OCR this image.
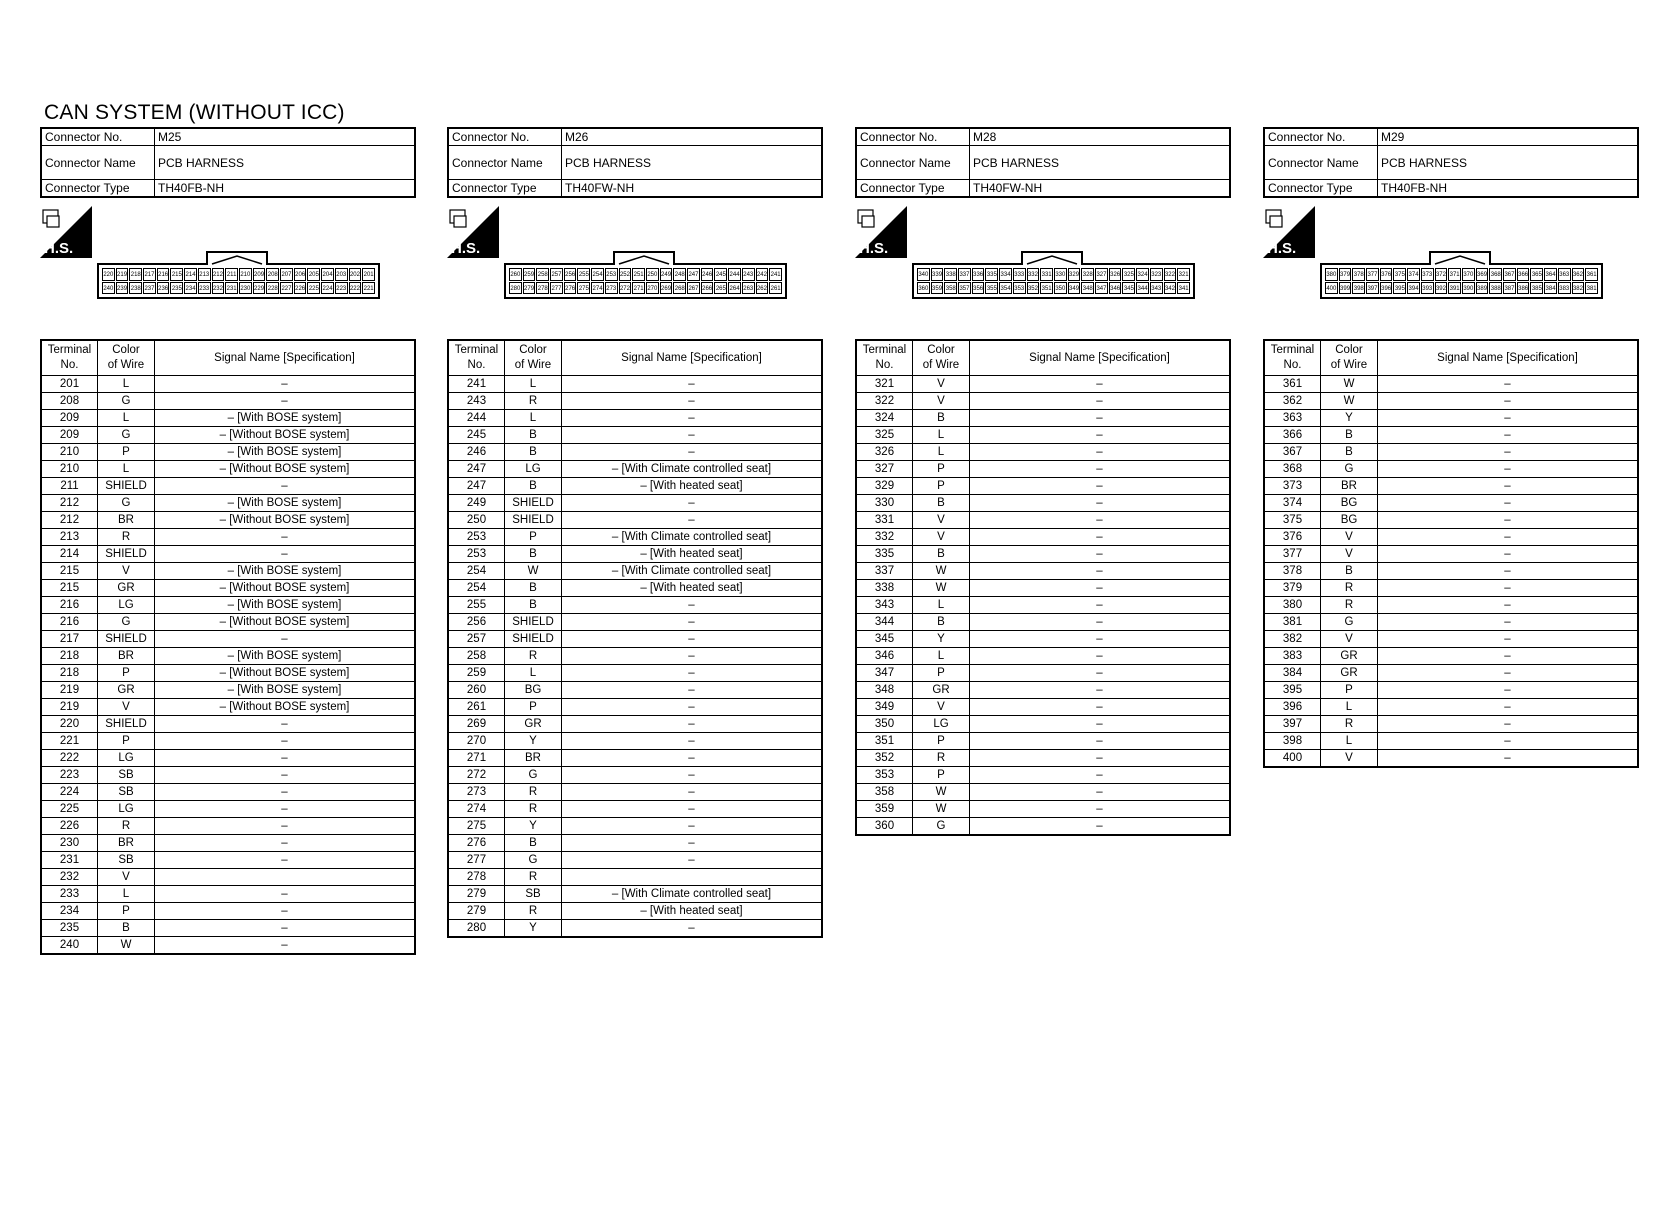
CAN SYSTEM (WITHOUT ICC)
Connector No.	M25
Connector Name	PCB HARNESS
Connector Type	TH40FB-NH
H.S.
220 219 218 217 216 215 214 213 212 211 210 209 208 207 206 205 204 203 202 201
240 239 238 237 236 235 234 233 232 231 230 229 228 227 226 225 224 223 222 221
Terminal
No.	Color
of Wire	Signal Name [Specification]
201	L	–
208	G	–
209	L	– [With BOSE system]
209	G	– [Without BOSE system]
210	P	– [With BOSE system]
210	L	– [Without BOSE system]
211	SHIELD	–
212	G	– [With BOSE system]
212	BR	– [Without BOSE system]
213	R	–
214	SHIELD	–
215	V	– [With BOSE system]
215	GR	– [Without BOSE system]
216	LG	– [With BOSE system]
216	G	– [Without BOSE system]
217	SHIELD	–
218	BR	– [With BOSE system]
218	P	– [Without BOSE system]
219	GR	– [With BOSE system]
219	V	– [Without BOSE system]
220	SHIELD	–
221	P	–
222	LG	–
223	SB	–
224	SB	–
225	LG	–
226	R	–
230	BR	–
231	SB	–
232	V	
233	L	–
234	P	–
235	B	–
240	W	–
Connector No.	M26
Connector Name	PCB HARNESS
Connector Type	TH40FW-NH
H.S.
260 259 258 257 256 255 254 253 252 251 250 249 248 247 246 245 244 243 242 241
280 279 278 277 276 275 274 273 272 271 270 269 268 267 266 265 264 263 262 261
Terminal
No.	Color
of Wire	Signal Name [Specification]
241	L	–
243	R	–
244	L	–
245	B	–
246	B	–
247	LG	– [With Climate controlled seat]
247	B	– [With heated seat]
249	SHIELD	–
250	SHIELD	–
253	P	– [With Climate controlled seat]
253	B	– [With heated seat]
254	W	– [With Climate controlled seat]
254	B	– [With heated seat]
255	B	–
256	SHIELD	–
257	SHIELD	–
258	R	–
259	L	–
260	BG	–
261	P	–
269	GR	–
270	Y	–
271	BR	–
272	G	–
273	R	–
274	R	–
275	Y	–
276	B	–
277	G	–
278	R	
279	SB	– [With Climate controlled seat]
279	R	– [With heated seat]
280	Y	–
Connector No.	M28
Connector Name	PCB HARNESS
Connector Type	TH40FW-NH
H.S.
340 339 338 337 336 335 334 333 332 331 330 329 328 327 326 325 324 323 322 321
360 359 358 357 356 355 354 353 352 351 350 349 348 347 346 345 344 343 342 341
Terminal
No.	Color
of Wire	Signal Name [Specification]
321	V	–
322	V	–
324	B	–
325	L	–
326	L	–
327	P	–
329	P	–
330	B	–
331	V	–
332	V	–
335	B	–
337	W	–
338	W	–
343	L	–
344	B	–
345	Y	–
346	L	–
347	P	–
348	GR	–
349	V	–
350	LG	–
351	P	–
352	R	–
353	P	–
358	W	–
359	W	–
360	G	–
Connector No.	M29
Connector Name	PCB HARNESS
Connector Type	TH40FB-NH
H.S.
380 379 378 377 376 375 374 373 372 371 370 369 368 367 366 365 364 363 362 361
400 399 398 397 396 395 394 393 392 391 390 389 388 387 386 385 384 383 382 381
Terminal
No.	Color
of Wire	Signal Name [Specification]
361	W	–
362	W	–
363	Y	–
366	B	–
367	B	–
368	G	–
373	BR	–
374	BG	–
375	BG	–
376	V	–
377	V	–
378	B	–
379	R	–
380	R	–
381	G	–
382	V	–
383	GR	–
384	GR	–
395	P	–
396	L	–
397	R	–
398	L	–
400	V	–
